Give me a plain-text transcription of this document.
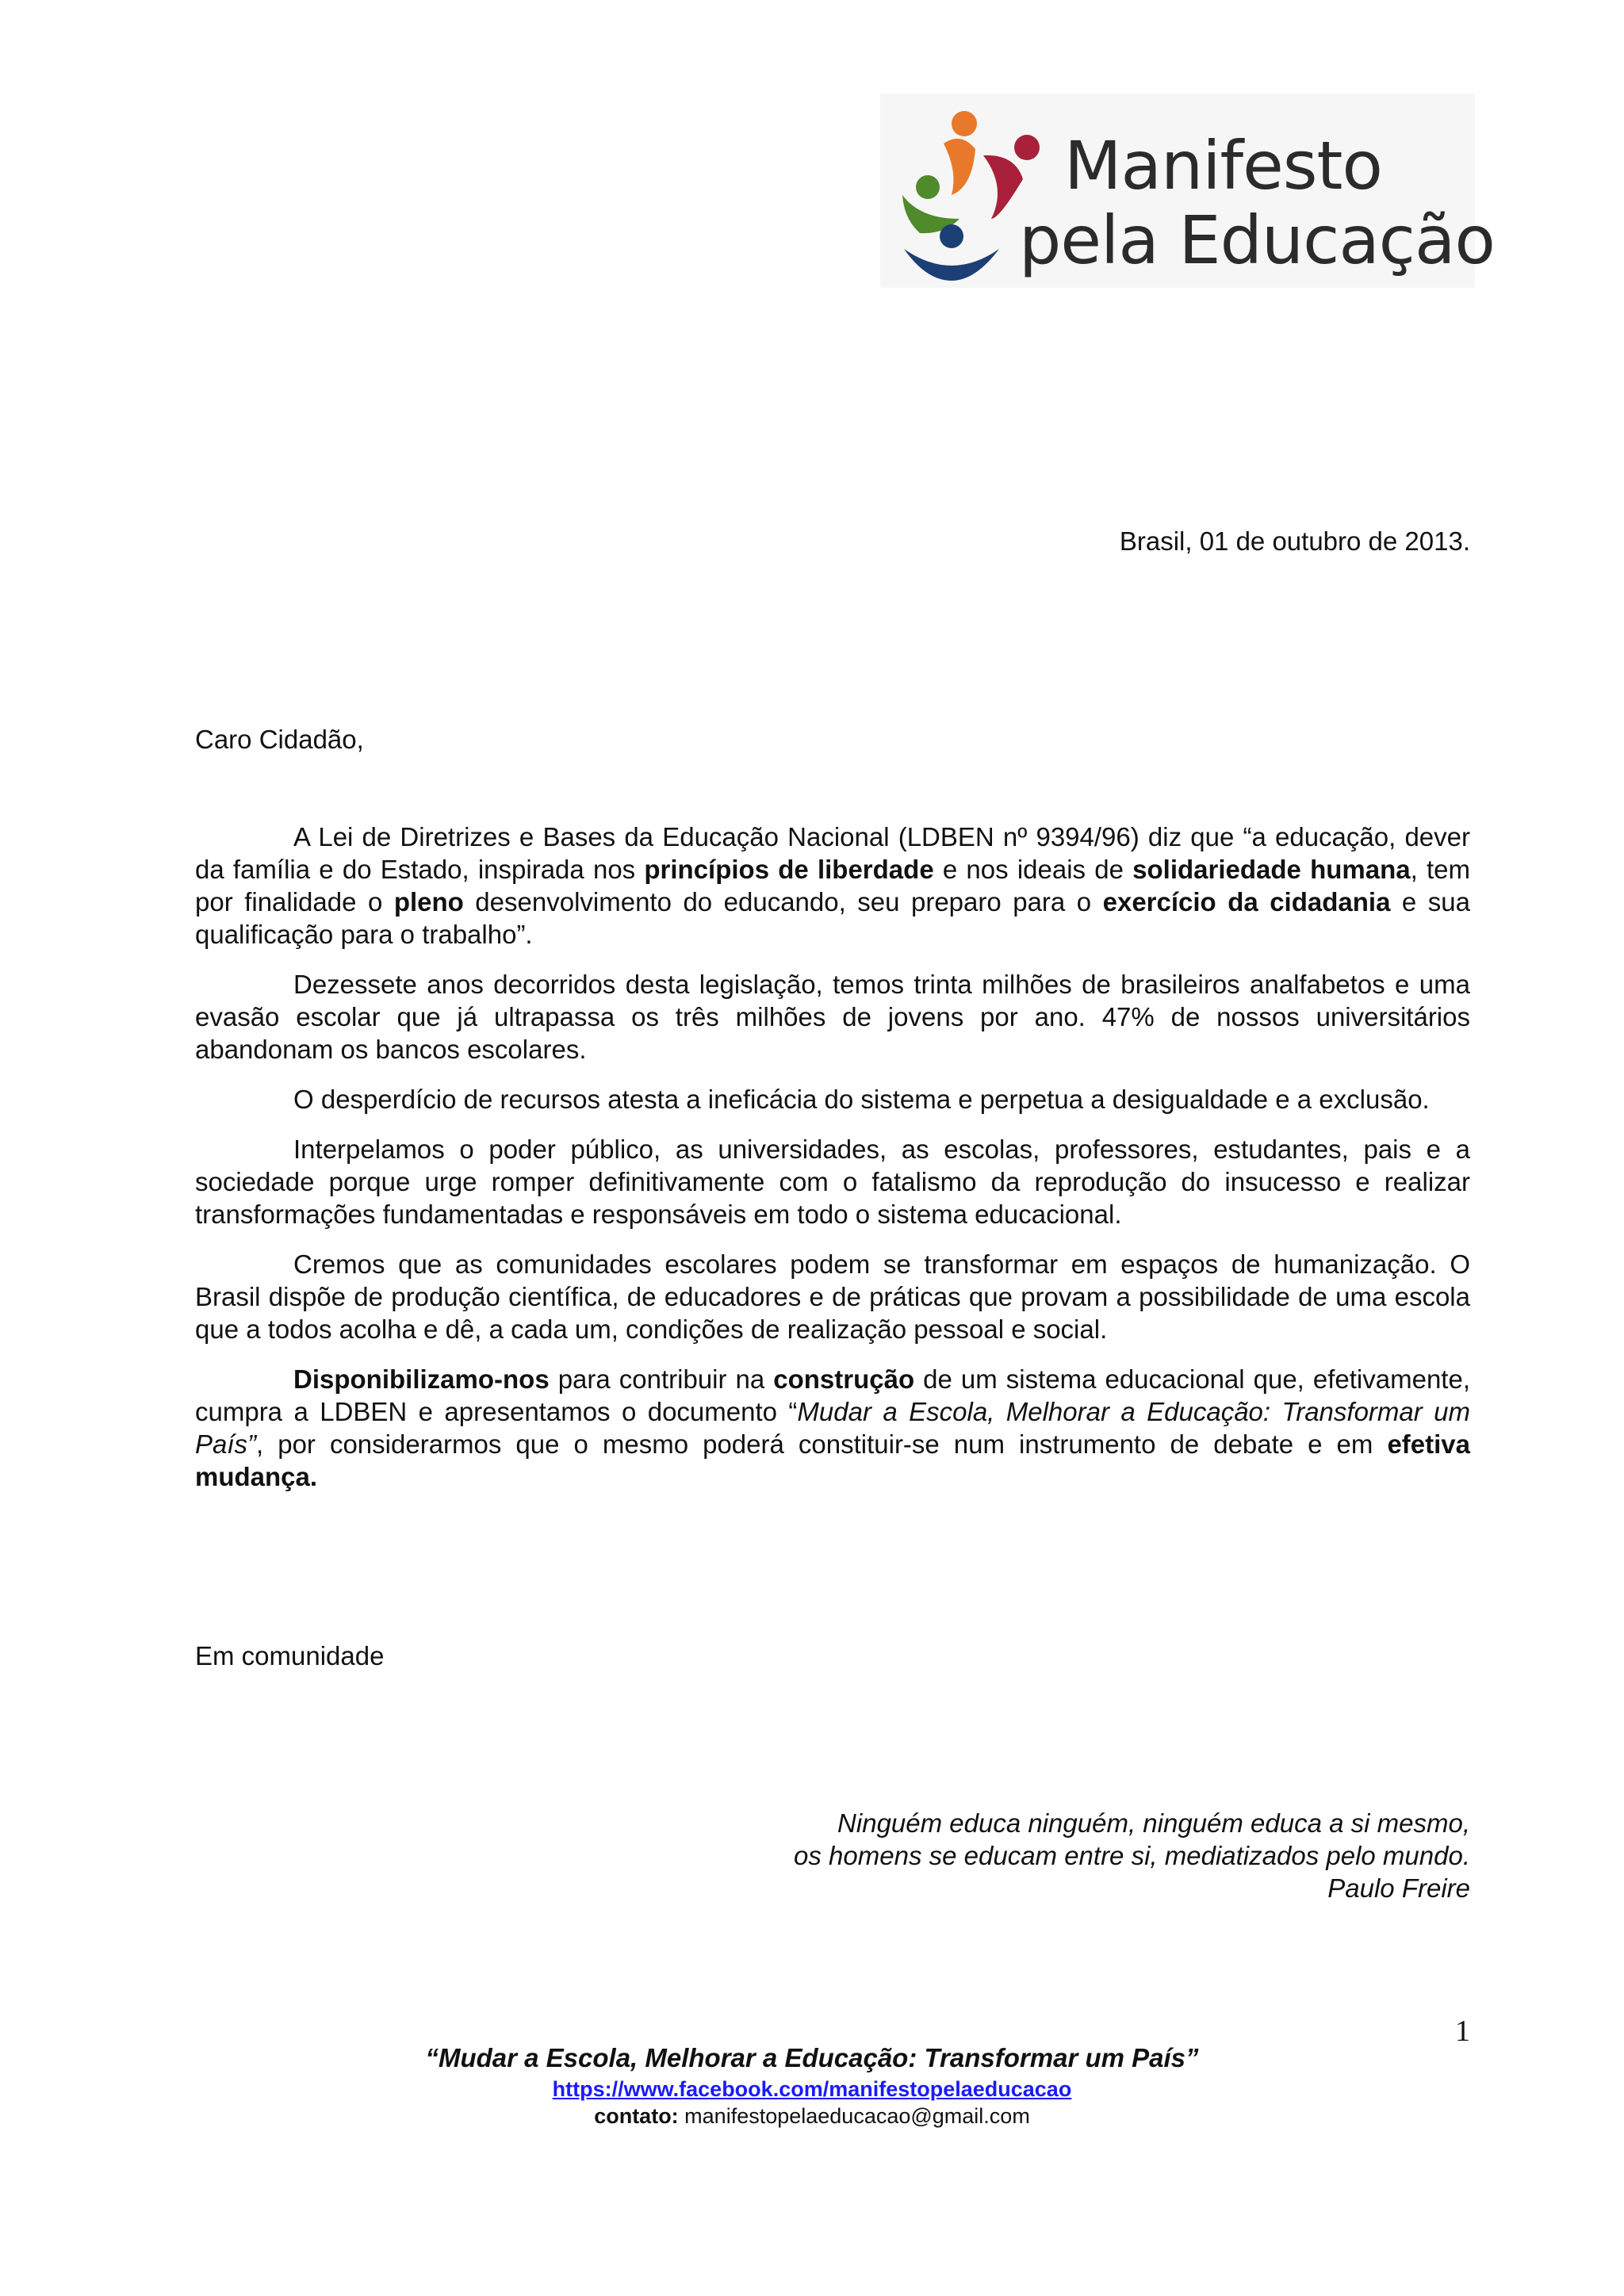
Manifesto
pela Educação
Brasil, 01 de outubro de 2013.
Caro Cidadão,

A Lei de Diretrizes e Bases da Educação Nacional (LDBEN nº 9394/96) diz que “a educação, dever da família e do Estado, inspirada nos princípios de liberdade e nos ideais de solidariedade humana, tem por finalidade o pleno desenvolvimento do educando, seu preparo para o exercício da cidadania e sua qualificação para o trabalho”.

Dezessete anos decorridos desta legislação, temos trinta milhões de brasileiros analfabetos e uma evasão escolar que já ultrapassa os três milhões de jovens por ano. 47% de nossos universitários abandonam os bancos escolares.

O desperdício de recursos atesta a ineficácia do sistema e perpetua a desigualdade e a exclusão.

Interpelamos o poder público, as universidades, as escolas, professores, estudantes, pais e a sociedade porque urge romper definitivamente com o fatalismo da reprodução do insucesso e realizar transformações fundamentadas e responsáveis em todo o sistema educacional.

Cremos que as comunidades escolares podem se transformar em espaços de humanização. O Brasil dispõe de produção científica, de educadores e de práticas que provam a possibilidade de uma escola que a todos acolha e dê, a cada um, condições de realização pessoal e social.

Disponibilizamo-nos para contribuir na construção de um sistema educacional que, efetivamente, cumpra a LDBEN e apresentamos o documento “Mudar a Escola, Melhorar a Educação: Transformar um País”, por considerarmos que o mesmo poderá constituir-se num instrumento de debate e em efetiva mudança.

Em comunidade
Ninguém educa ninguém, ninguém educa a si mesmo,
os homens se educam entre si, mediatizados pelo mundo.
Paulo Freire
1
“Mudar a Escola, Melhorar a Educação: Transformar um País”
https://www.facebook.com/manifestopelaeducacao
contato: manifestopelaeducacao@gmail.com
